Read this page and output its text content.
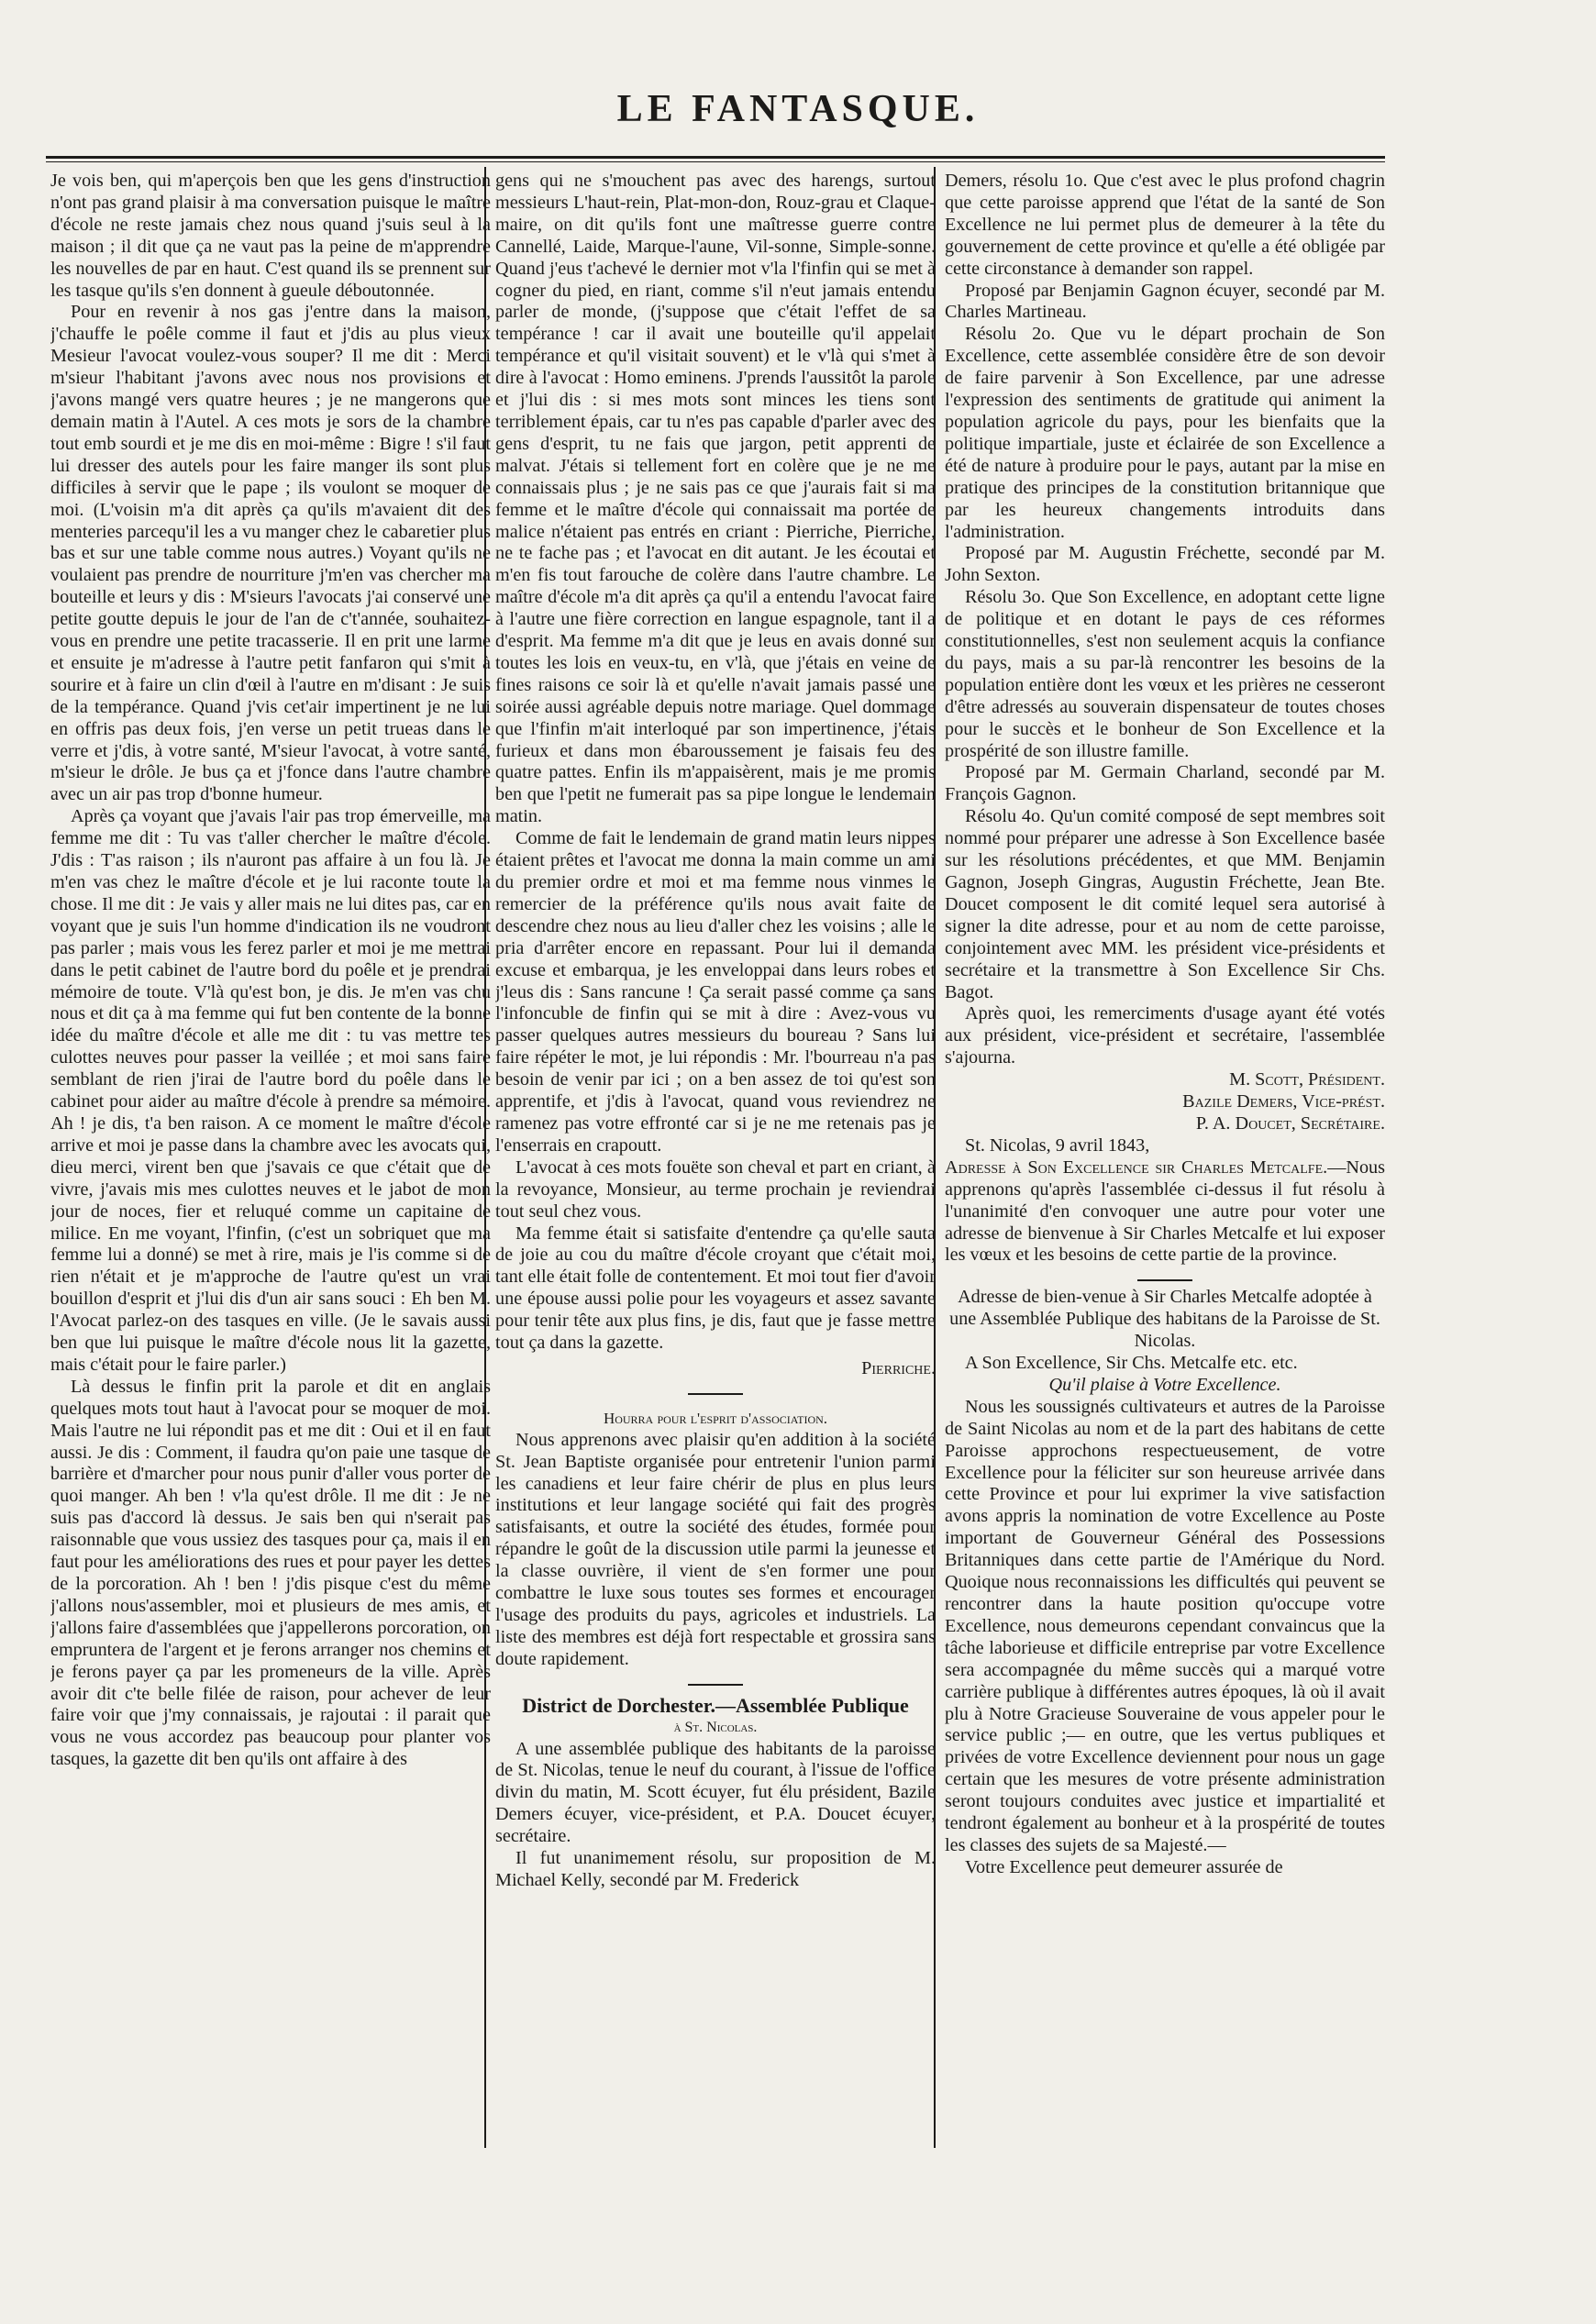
LE FANTASQUE.

Je vois ben, qui m'aperçois ben que les gens d'instruction n'ont pas grand plaisir à ma conversation puisque le maître d'école ne reste jamais chez nous quand j'suis seul à la maison ; il dit que ça ne vaut pas la peine de m'apprendre les nouvelles de par en haut. C'est quand ils se prennent sur les tasque qu'ils s'en donnent à gueule déboutonnée.

Pour en revenir à nos gas j'entre dans la maison, j'chauffe le poêle comme il faut et j'dis au plus vieux Mesieur l'avocat voulez-vous souper? Il me dit : Merci m'sieur l'habitant j'avons avec nous nos provisions et j'avons mangé vers quatre heures ; je ne mangerons que demain matin à l'Autel. A ces mots je sors de la chambre tout emb sourdi et je me dis en moi-même : Bigre ! s'il faut lui dresser des autels pour les faire manger ils sont plus difficiles à servir que le pape ; ils voulont se moquer de moi. (L'voisin m'a dit après ça qu'ils m'avaient dit des menteries parcequ'il les a vu manger chez le cabaretier plus bas et sur une table comme nous autres.) Voyant qu'ils ne voulaient pas prendre de nourriture j'm'en vas chercher ma bouteille et leurs y dis : M'sieurs l'avocats j'ai conservé une petite goutte depuis le jour de l'an de c't'année, souhaitez-vous en prendre une petite tracasserie. Il en prit une larme et ensuite je m'adresse à l'autre petit fanfaron qui s'mit à sourire et à faire un clin d'œil à l'autre en m'disant : Je suis de la tempérance. Quand j'vis cet'air impertinent je ne lui en offris pas deux fois, j'en verse un petit trueas dans le verre et j'dis, à votre santé, M'sieur l'avocat, à votre santé, m'sieur le drôle. Je bus ça et j'fonce dans l'autre chambre avec un air pas trop d'bonne humeur.

Après ça voyant que j'avais l'air pas trop émerveille, ma femme me dit : Tu vas t'aller chercher le maître d'école. J'dis : T'as raison ; ils n'auront pas affaire à un fou là. Je m'en vas chez le maître d'école et je lui raconte toute la chose. Il me dit : Je vais y aller mais ne lui dites pas, car en voyant que je suis l'un homme d'indication ils ne voudront pas parler ; mais vous les ferez parler et moi je me mettrai dans le petit cabinet de l'autre bord du poêle et je prendrai mémoire de toute. V'là qu'est bon, je dis. Je m'en vas chu nous et dit ça à ma femme qui fut ben contente de la bonne idée du maître d'école et alle me dit : tu vas mettre tes culottes neuves pour passer la veillée ; et moi sans faire semblant de rien j'irai de l'autre bord du poêle dans le cabinet pour aider au maître d'école à prendre sa mémoire. Ah ! je dis, t'a ben raison. A ce moment le maître d'école arrive et moi je passe dans la chambre avec les avocats qui, dieu merci, virent ben que j'savais ce que c'était que de vivre, j'avais mis mes culottes neuves et le jabot de mon jour de noces, fier et reluqué comme un capitaine de milice. En me voyant, l'finfin, (c'est un sobriquet que ma femme lui a donné) se met à rire, mais je l'is comme si de rien n'était et je m'approche de l'autre qu'est un vrai bouillon d'esprit et j'lui dis d'un air sans souci : Eh ben M. l'Avocat parlez-on des tasques en ville. (Je le savais aussi ben que lui puisque le maître d'école nous lit la gazette, mais c'était pour le faire parler.)

Là dessus le finfin prit la parole et dit en anglais quelques mots tout haut à l'avocat pour se moquer de moi. Mais l'autre ne lui répondit pas et me dit : Oui et il en faut aussi. Je dis : Comment, il faudra qu'on paie une tasque de barrière et d'marcher pour nous punir d'aller vous porter de quoi manger. Ah ben ! v'la qu'est drôle. Il me dit : Je ne suis pas d'accord là dessus. Je sais ben qui n'serait pas raisonnable que vous ussiez des tasques pour ça, mais il en faut pour les améliorations des rues et pour payer les dettes de la porcoration. Ah ! ben ! j'dis pisque c'est du même j'allons nous'assembler, moi et plusieurs de mes amis, et j'allons faire d'assemblées que j'appellerons porcoration, on empruntera de l'argent et je ferons arranger nos chemins et je ferons payer ça par les promeneurs de la ville. Après avoir dit c'te belle filée de raison, pour achever de leur faire voir que j'my connaissais, je rajoutai : il parait que vous ne vous accordez pas beaucoup pour planter vos tasques, la gazette dit ben qu'ils ont affaire à des

gens qui ne s'mouchent pas avec des harengs, surtout messieurs L'haut-rein, Plat-mon-don, Rouz-grau et Claque-maire, on dit qu'ils font une maîtresse guerre contre Cannellé, Laide, Marque-l'aune, Vil-sonne, Simple-sonne. Quand j'eus t'achevé le dernier mot v'la l'finfin qui se met à cogner du pied, en riant, comme s'il n'eut jamais entendu parler de monde, (j'suppose que c'était l'effet de sa tempérance ! car il avait une bouteille qu'il appelait tempérance et qu'il visitait souvent) et le v'là qui s'met à dire à l'avocat : Homo eminens. J'prends l'aussitôt la parole et j'lui dis : si mes mots sont minces les tiens sont terriblement épais, car tu n'es pas capable d'parler avec des gens d'esprit, tu ne fais que jargon, petit apprenti de malvat. J'étais si tellement fort en colère que je ne me connaissais plus ; je ne sais pas ce que j'aurais fait si ma femme et le maître d'école qui connaissait ma portée de malice n'étaient pas entrés en criant : Pierriche, Pierriche, ne te fache pas ; et l'avocat en dit autant. Je les écoutai et m'en fis tout farouche de colère dans l'autre chambre. Le maître d'école m'a dit après ça qu'il a entendu l'avocat faire à l'autre une fière correction en langue espagnole, tant il a d'esprit. Ma femme m'a dit que je leus en avais donné sur toutes les lois en veux-tu, en v'là, que j'étais en veine de fines raisons ce soir là et qu'elle n'avait jamais passé une soirée aussi agréable depuis notre mariage. Quel dommage que l'finfin m'ait interloqué par son impertinence, j'étais furieux et dans mon ébaroussement je faisais feu des quatre pattes. Enfin ils m'appaisèrent, mais je me promis ben que l'petit ne fumerait pas sa pipe longue le lendemain matin.

Comme de fait le lendemain de grand matin leurs nippes étaient prêtes et l'avocat me donna la main comme un ami du premier ordre et moi et ma femme nous vinmes le remercier de la préférence qu'ils nous avait faite de descendre chez nous au lieu d'aller chez les voisins ; alle le pria d'arrêter encore en repassant. Pour lui il demanda excuse et embarqua, je les enveloppai dans leurs robes et j'leus dis : Sans rancune ! Ça serait passé comme ça sans l'infoncuble de finfin qui se mit à dire : Avez-vous vu passer quelques autres messieurs du boureau ? Sans lui faire répéter le mot, je lui répondis : Mr. l'bourreau n'a pas besoin de venir par ici ; on a ben assez de toi qu'est son apprentife, et j'dis à l'avocat, quand vous reviendrez ne ramenez pas votre effronté car si je ne me retenais pas je l'enserrais en crapoutt.

L'avocat à ces mots fouëte son cheval et part en criant, à la revoyance, Monsieur, au terme prochain je reviendrai tout seul chez vous.

Ma femme était si satisfaite d'entendre ça qu'elle sauta de joie au cou du maître d'école croyant que c'était moi, tant elle était folle de contentement. Et moi tout fier d'avoir une épouse aussi polie pour les voyageurs et assez savante pour tenir tête aux plus fins, je dis, faut que je fasse mettre tout ça dans la gazette.

Pierriche.

Hourra pour l'esprit d'association.

Nous apprenons avec plaisir qu'en addition à la société St. Jean Baptiste organisée pour entretenir l'union parmi les canadiens et leur faire chérir de plus en plus leurs institutions et leur langage société qui fait des progrès satisfaisants, et outre la société des études, formée pour répandre le goût de la discussion utile parmi la jeunesse et la classe ouvrière, il vient de s'en former une pour combattre le luxe sous toutes ses formes et encourager l'usage des produits du pays, agricoles et industriels. La liste des membres est déjà fort respectable et grossira sans doute rapidement.

District de Dorchester.—Assemblée Publique

à St. Nicolas.

A une assemblée publique des habitants de la paroisse de St. Nicolas, tenue le neuf du courant, à l'issue de l'office divin du matin, M. Scott écuyer, fut élu président, Bazile Demers écuyer, vice-président, et P.A. Doucet écuyer, secrétaire.

Il fut unanimement résolu, sur proposition de M. Michael Kelly, secondé par M. Frederick

Demers, résolu 1o. Que c'est avec le plus profond chagrin que cette paroisse apprend que l'état de la santé de Son Excellence ne lui permet plus de demeurer à la tête du gouvernement de cette province et qu'elle a été obligée par cette circonstance à demander son rappel.

Proposé par Benjamin Gagnon écuyer, secondé par M. Charles Martineau.

Résolu 2o. Que vu le départ prochain de Son Excellence, cette assemblée considère être de son devoir de faire parvenir à Son Excellence, par une adresse l'expression des sentiments de gratitude qui animent la population agricole du pays, pour les bienfaits que la politique impartiale, juste et éclairée de son Excellence a été de nature à produire pour le pays, autant par la mise en pratique des principes de la constitution britannique que par les heureux changements introduits dans l'administration.

Proposé par M. Augustin Fréchette, secondé par M. John Sexton.

Résolu 3o. Que Son Excellence, en adoptant cette ligne de politique et en dotant le pays de ces réformes constitutionnelles, s'est non seulement acquis la confiance du pays, mais a su par-là rencontrer les besoins de la population entière dont les vœux et les prières ne cesseront d'être adressés au souverain dispensateur de toutes choses pour le succès et le bonheur de Son Excellence et la prospérité de son illustre famille.

Proposé par M. Germain Charland, secondé par M. François Gagnon.

Résolu 4o. Qu'un comité composé de sept membres soit nommé pour préparer une adresse à Son Excellence basée sur les résolutions précédentes, et que MM. Benjamin Gagnon, Joseph Gingras, Augustin Fréchette, Jean Bte. Doucet composent le dit comité lequel sera autorisé à signer la dite adresse, pour et au nom de cette paroisse, conjointement avec MM. les président vice-présidents et secrétaire et la transmettre à Son Excellence Sir Chs. Bagot.

Après quoi, les remerciments d'usage ayant été votés aux président, vice-président et secrétaire, l'assemblée s'ajourna.

M. Scott, Président.

Bazile Demers, Vice-prést.

P. A. Doucet, Secrétaire.

St. Nicolas, 9 avril 1843,

Adresse à Son Excellence sir Charles Metcalfe.—Nous apprenons qu'après l'assemblée ci-dessus il fut résolu à l'unanimité d'en convoquer une autre pour voter une adresse de bienvenue à Sir Charles Metcalfe et lui exposer les vœux et les besoins de cette partie de la province.

Adresse de bien-venue à Sir Charles Metcalfe adoptée à une Assemblée Publique des habitans de la Paroisse de St. Nicolas.

A Son Excellence, Sir Chs. Metcalfe etc. etc.

Qu'il plaise à Votre Excellence.

Nous les soussignés cultivateurs et autres de la Paroisse de Saint Nicolas au nom et de la part des habitans de cette Paroisse approchons respectueusement, de votre Excellence pour la féliciter sur son heureuse arrivée dans cette Province et pour lui exprimer la vive satisfaction avons appris la nomination de votre Excellence au Poste important de Gouverneur Général des Possessions Britanniques dans cette partie de l'Amérique du Nord. Quoique nous reconnaissions les difficultés qui peuvent se rencontrer dans la haute position qu'occupe votre Excellence, nous demeurons cependant convaincus que la tâche laborieuse et difficile entreprise par votre Excellence sera accompagnée du même succès qui a marqué votre carrière publique à différentes autres époques, là où il avait plu à Notre Gracieuse Souveraine de vous appeler pour le service public ;— en outre, que les vertus publiques et privées de votre Excellence deviennent pour nous un gage certain que les mesures de votre présente administration seront toujours conduites avec justice et impartialité et tendront également au bonheur et à la prospérité de toutes les classes des sujets de sa Majesté.—

Votre Excellence peut demeurer assurée de
